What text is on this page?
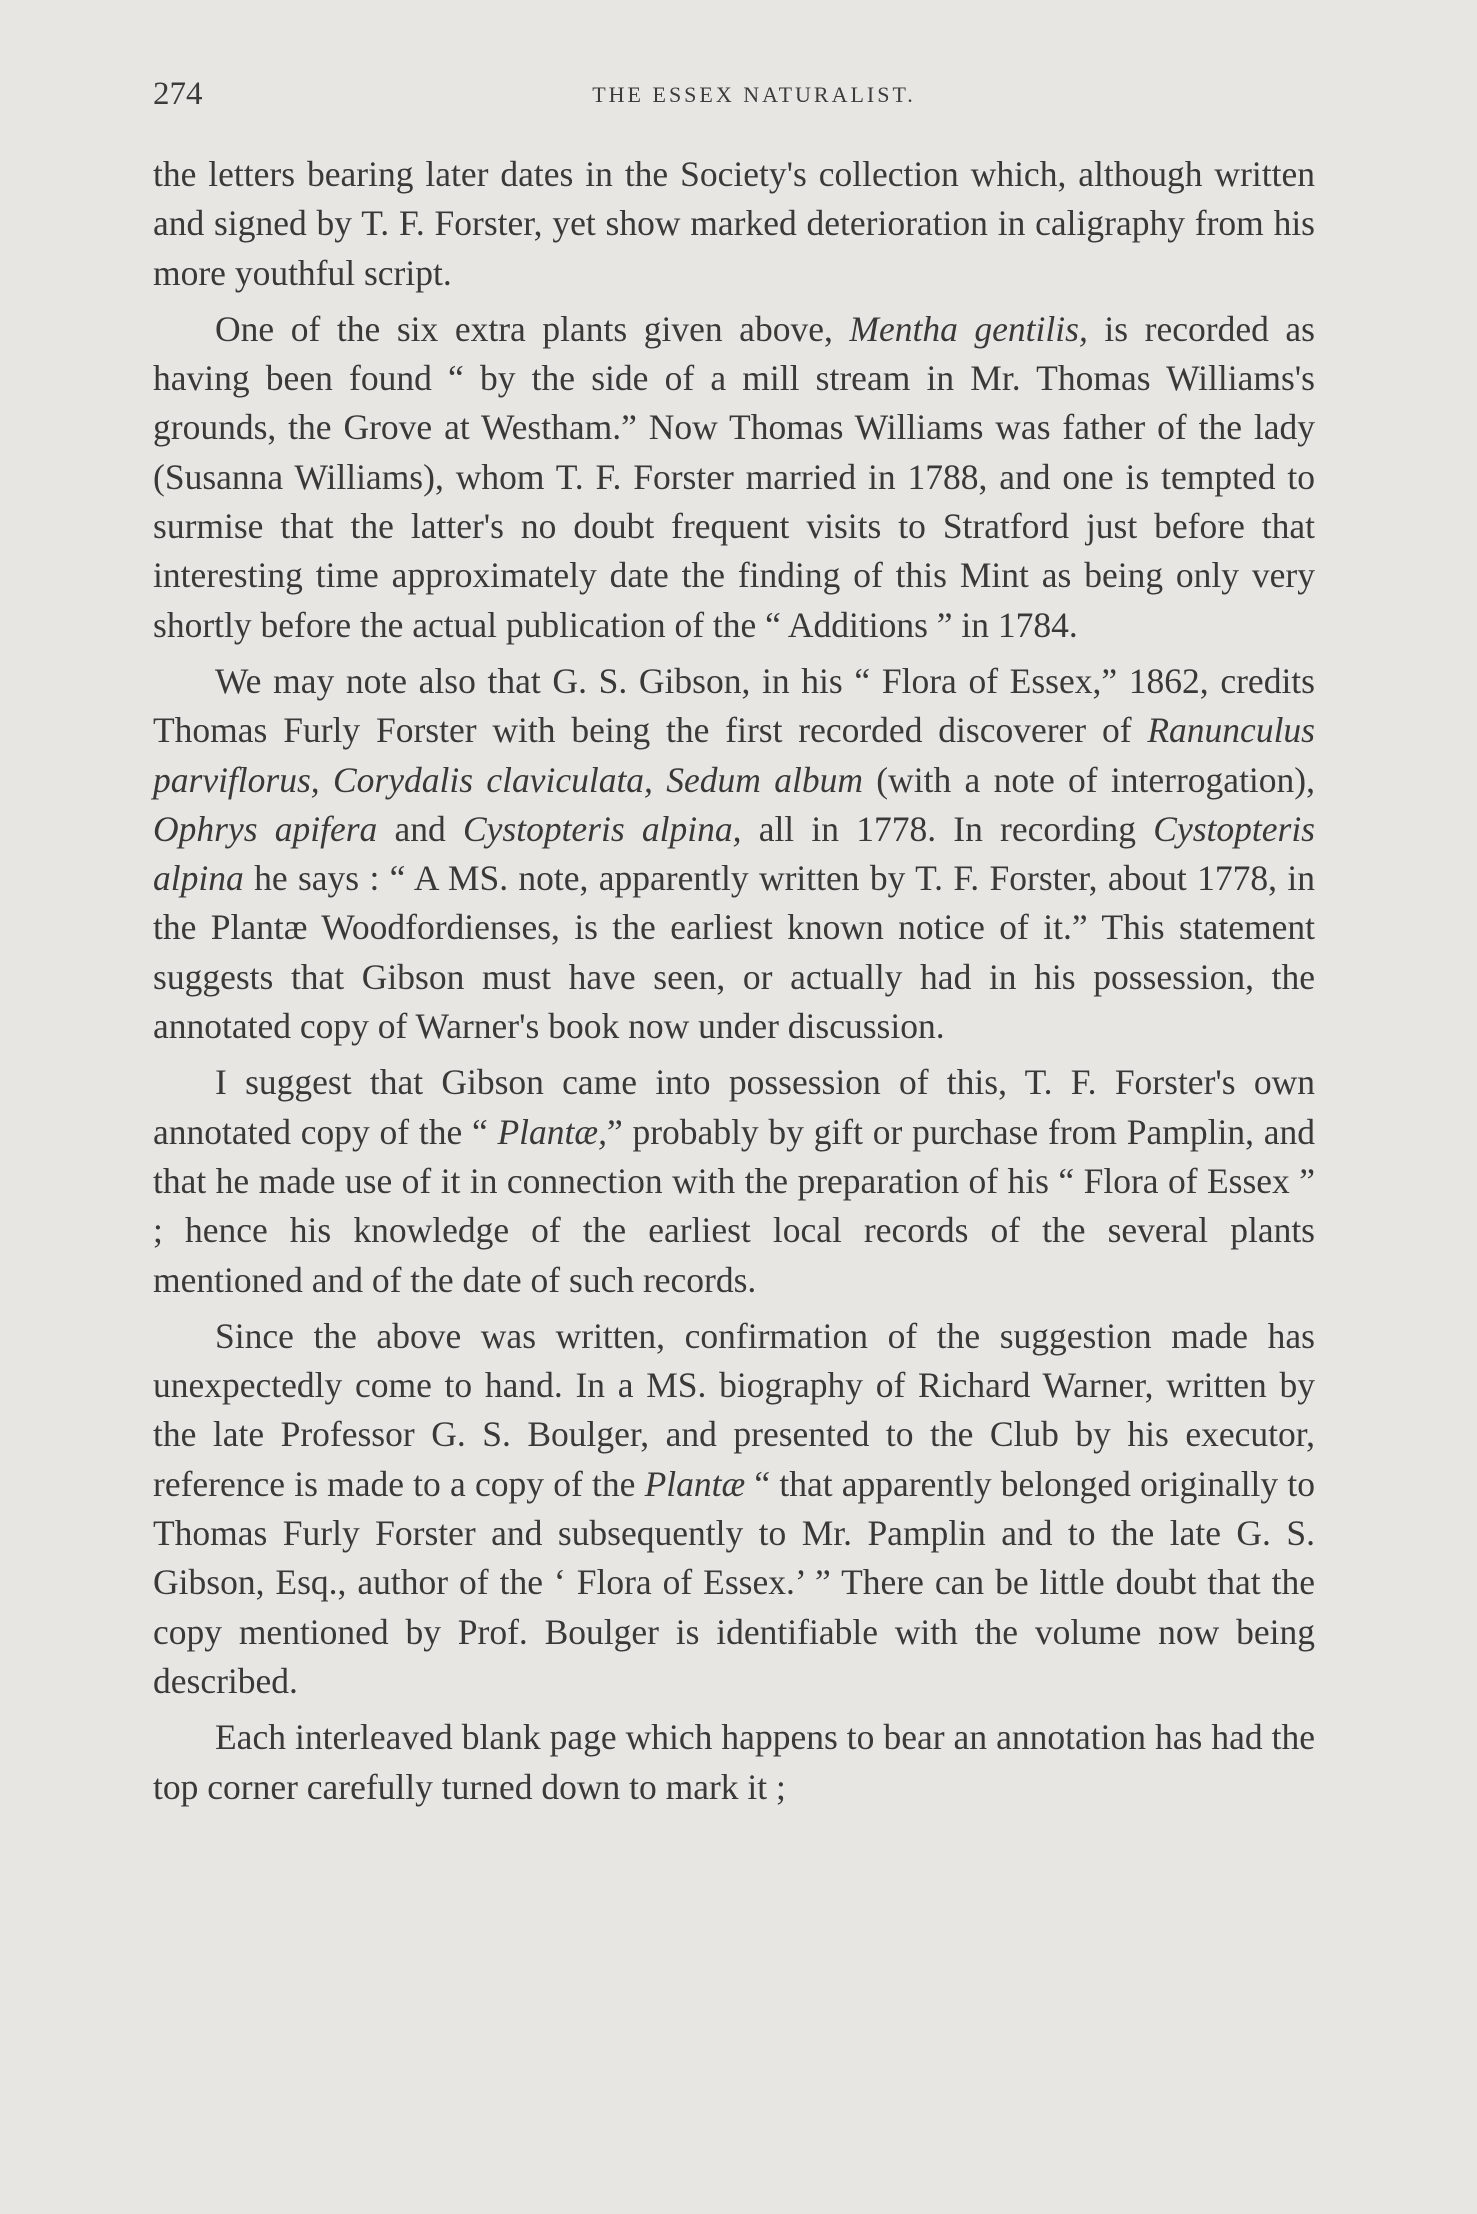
274	THE ESSEX NATURALIST.

the letters bearing later dates in the Society's collection which, although written and signed by T. F. Forster, yet show marked deterioration in caligraphy from his more youthful script.

One of the six extra plants given above, Mentha gentilis, is recorded as having been found “ by the side of a mill stream in Mr. Thomas Williams's grounds, the Grove at Westham.” Now Thomas Williams was father of the lady (Susanna Williams), whom T. F. Forster married in 1788, and one is tempted to surmise that the latter's no doubt frequent visits to Stratford just before that interesting time approximately date the finding of this Mint as being only very shortly before the actual publication of the “ Additions ” in 1784.

We may note also that G. S. Gibson, in his “ Flora of Essex,” 1862, credits Thomas Furly Forster with being the first recorded discoverer of Ranunculus parviflorus, Corydalis claviculata, Sedum album (with a note of interrogation), Ophrys apifera and Cystopteris alpina, all in 1778. In recording Cystopteris alpina he says : “ A MS. note, apparently written by T. F. Forster, about 1778, in the Plantæ Woodfordienses, is the earliest known notice of it.” This statement suggests that Gibson must have seen, or actually had in his possession, the annotated copy of Warner's book now under discussion.

I suggest that Gibson came into possession of this, T. F. Forster's own annotated copy of the “ Plantæ,” probably by gift or purchase from Pamplin, and that he made use of it in connection with the preparation of his “ Flora of Essex ” ; hence his knowledge of the earliest local records of the several plants mentioned and of the date of such records.

Since the above was written, confirmation of the suggestion made has unexpectedly come to hand. In a MS. biography of Richard Warner, written by the late Professor G. S. Boulger, and presented to the Club by his executor, reference is made to a copy of the Plantæ “ that apparently belonged originally to Thomas Furly Forster and subsequently to Mr. Pamplin and to the late G. S. Gibson, Esq., author of the ‘ Flora of Essex.’ ” There can be little doubt that the copy mentioned by Prof. Boulger is identifiable with the volume now being described.

Each interleaved blank page which happens to bear an annotation has had the top corner carefully turned down to mark it ;
